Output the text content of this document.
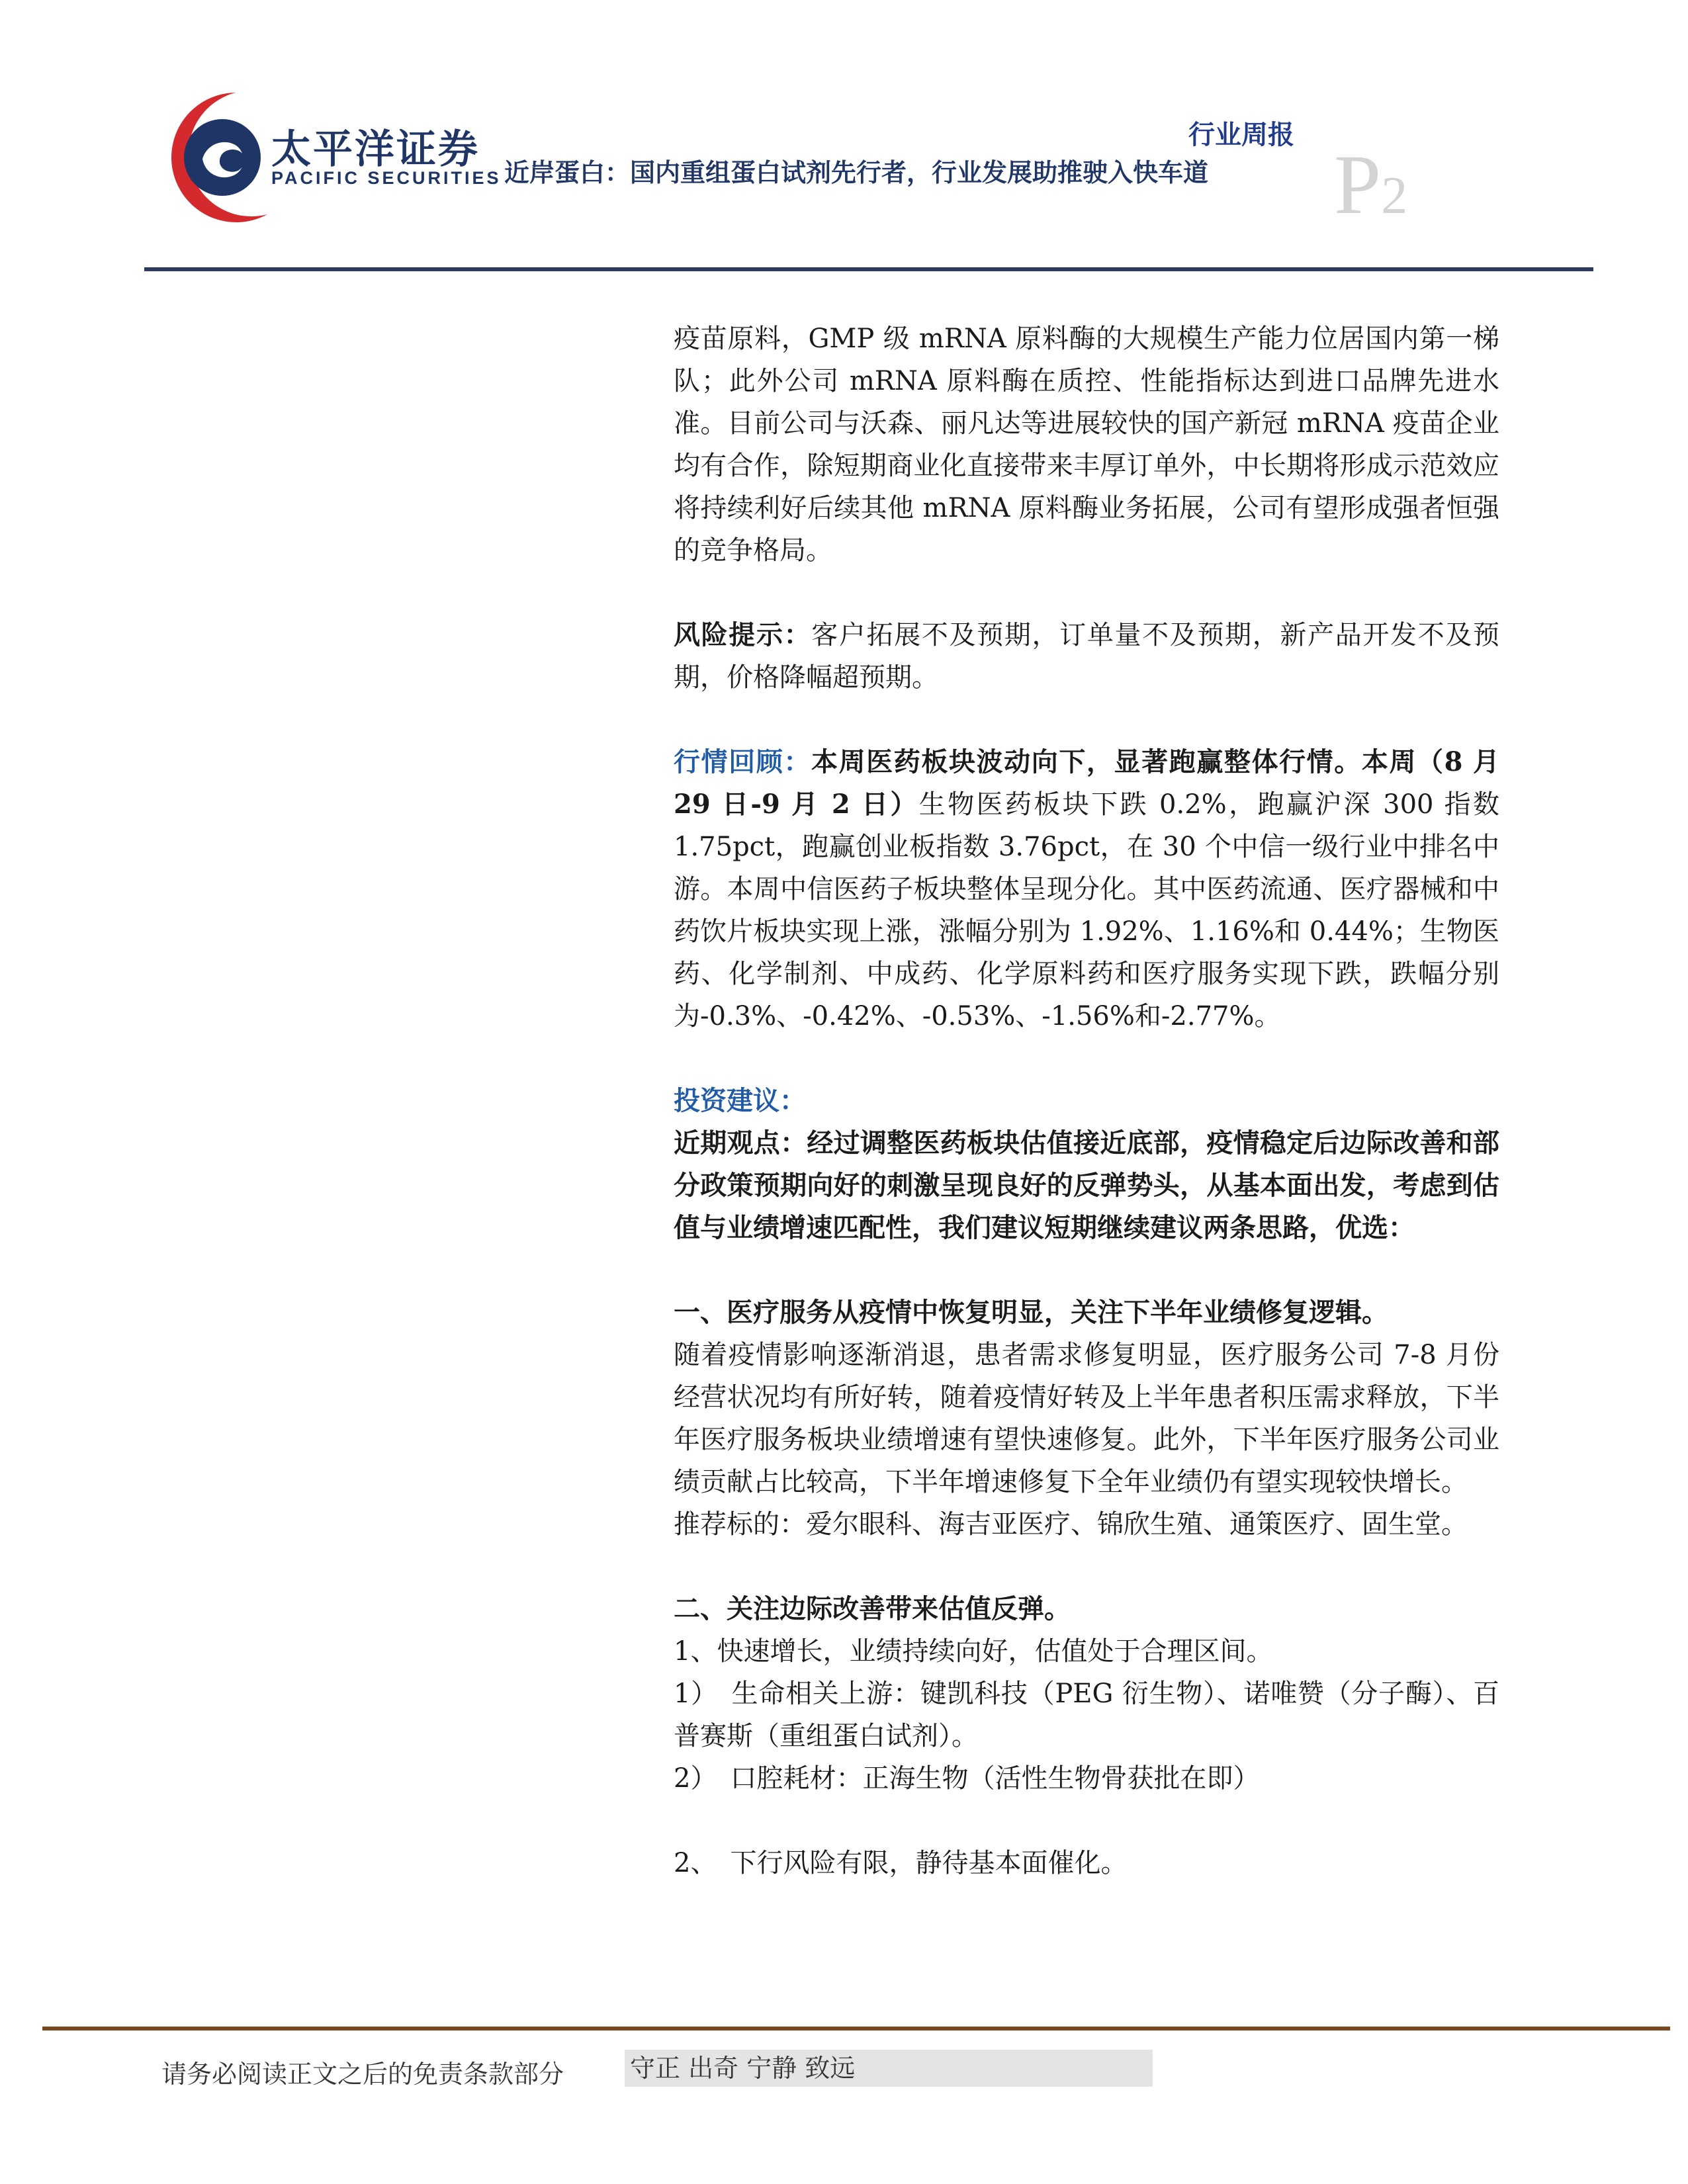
太平洋证券
PACIFIC SECURITIES
行业周报
近岸蛋白：国内重组蛋白试剂先行者，行业发展助推驶入快车道 P2

疫苗原料，GMP 级 mRNA 原料酶的大规模生产能力位居国内第一梯队；此外公司 mRNA 原料酶在质控、性能指标达到进口品牌先进水准。目前公司与沃森、丽凡达等进展较快的国产新冠 mRNA 疫苗企业均有合作，除短期商业化直接带来丰厚订单外，中长期将形成示范效应将持续利好后续其他 mRNA 原料酶业务拓展，公司有望形成强者恒强的竞争格局。

风险提示：客户拓展不及预期，订单量不及预期，新产品开发不及预期，价格降幅超预期。

行情回顾：本周医药板块波动向下，显著跑赢整体行情。本周（8 月 29 日-9 月 2 日）生物医药板块下跌 0.2%，跑赢沪深 300 指数 1.75pct，跑赢创业板指数 3.76pct，在 30 个中信一级行业中排名中游。本周中信医药子板块整体呈现分化。其中医药流通、医疗器械和中药饮片板块实现上涨，涨幅分别为 1.92%、1.16%和 0.44%；生物医药、化学制剂、中成药、化学原料药和医疗服务实现下跌，跌幅分别为-0.3%、-0.42%、-0.53%、-1.56%和-2.77%。

投资建议：

近期观点：经过调整医药板块估值接近底部，疫情稳定后边际改善和部分政策预期向好的刺激呈现良好的反弹势头，从基本面出发，考虑到估值与业绩增速匹配性，我们建议短期继续建议两条思路，优选：

一、医疗服务从疫情中恢复明显，关注下半年业绩修复逻辑。

随着疫情影响逐渐消退，患者需求修复明显，医疗服务公司 7-8 月份经营状况均有所好转，随着疫情好转及上半年患者积压需求释放，下半年医疗服务板块业绩增速有望快速修复。此外，下半年医疗服务公司业绩贡献占比较高，下半年增速修复下全年业绩仍有望实现较快增长。

推荐标的：爱尔眼科、海吉亚医疗、锦欣生殖、通策医疗、固生堂。

二、关注边际改善带来估值反弹。

1、快速增长，业绩持续向好，估值处于合理区间。

1）　生命相关上游：键凯科技（PEG 衍生物）、诺唯赞（分子酶）、百普赛斯（重组蛋白试剂）。

2）　口腔耗材：正海生物（活性生物骨获批在即）

2、　下行风险有限，静待基本面催化。

请务必阅读正文之后的免责条款部分	守正 出奇 宁静 致远
